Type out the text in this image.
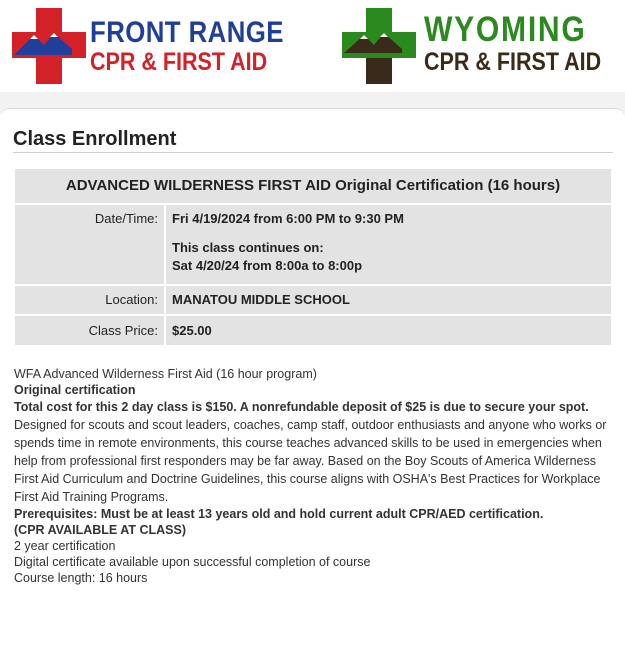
FRONT RANGE
CPR & FIRST AID
WYOMING
CPR & FIRST AID
Class Enrollment
ADVANCED WILDERNESS FIRST AID Original Certification (16 hours)
Date/Time:	Fri 4/19/2024 from 6:00 PM to 9:30 PM
This class continues on:
Sat 4/20/24 from 8:00a to 8:00p
Location:	MANATOU MIDDLE SCHOOL
Class Price:	$25.00

WFA Advanced Wilderness First Aid (16 hour program)

Original certification

Total cost for this 2 day class is $150. A nonrefundable deposit of $25 is due to secure your spot.

Designed for scouts and scout leaders, coaches, camp staff, outdoor enthusiasts and anyone who works or spends time in remote environments, this course teaches advanced skills to be used in emergencies when help from professional first responders may be far away. Based on the Boy Scouts of America Wilderness First Aid Curriculum and Doctrine Guidelines, this course aligns with OSHA's Best Practices for Workplace First Aid Training Programs.

Prerequisites: Must be at least 13 years old and hold current adult CPR/AED certification.

(CPR AVAILABLE AT CLASS)

2 year certification

Digital certificate available upon successful completion of course

Course length: 16 hours
